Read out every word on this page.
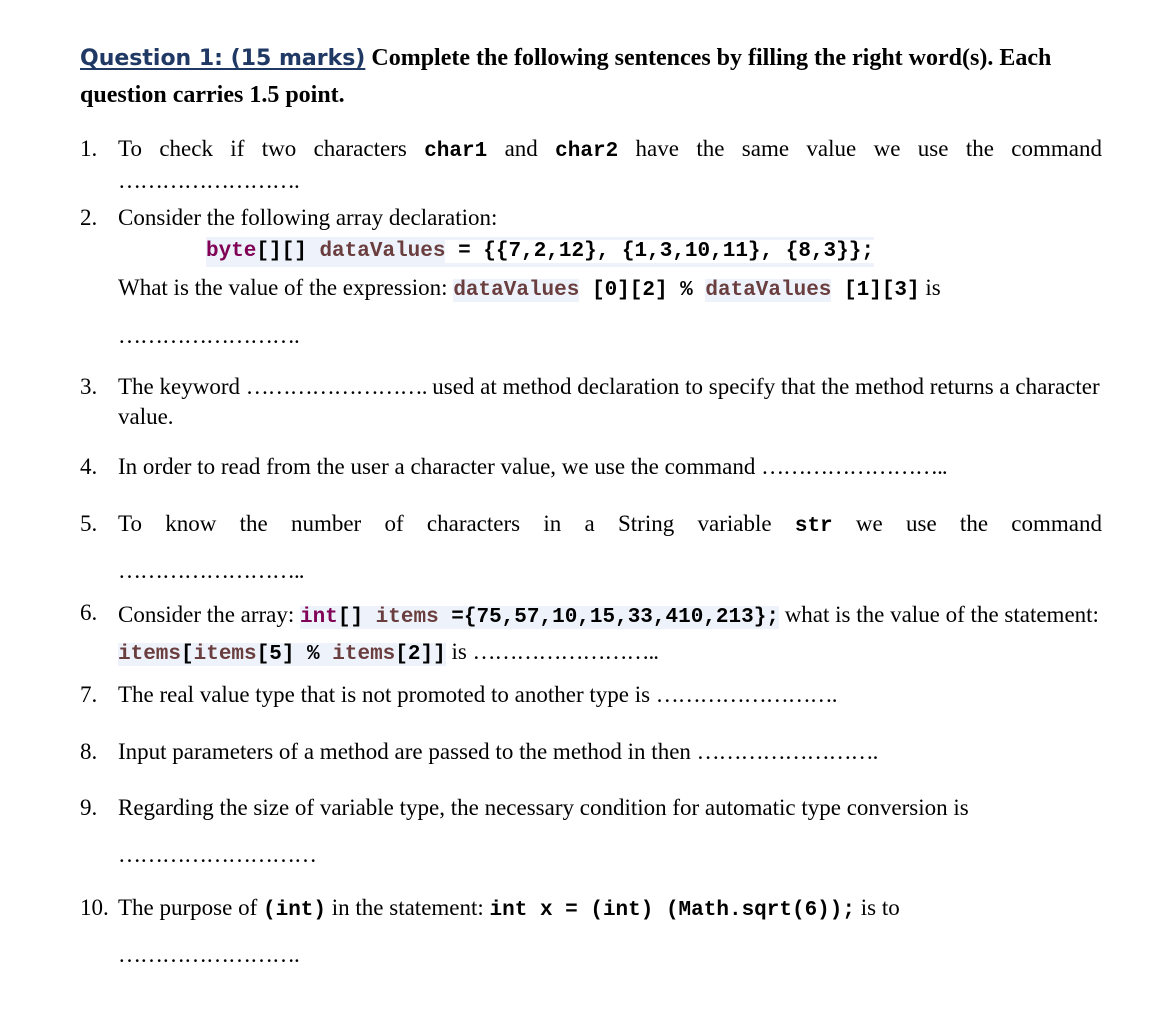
Question 1: (15 marks) Complete the following sentences by filling the right word(s). Each question carries 1.5 point.

1. To check if two characters char1 and char2 have the same value we use the command
…………………….
2. Consider the following array declaration:
byte[][] dataValues = {{7,2,12}, {1,3,10,11}, {8,3}};
What is the value of the expression: dataValues [0][2] % dataValues [1][3] is
…………………….
3. The keyword ……………………. used at method declaration to specify that the method returns a character value.
4. In order to read from the user a character value, we use the command ……………………..
5. To know the number of characters in a String variable str we use the command
……………………..
6. Consider the array: int[] items ={75,57,10,15,33,410,213}; what is the value of the statement: items[items[5] % items[2]] is ……………………..
7. The real value type that is not promoted to another type is …………………….
8. Input parameters of a method are passed to the method in then …………………….
9. Regarding the size of variable type, the necessary condition for automatic type conversion is
………………………
10. The purpose of (int) in the statement: int x = (int) (Math.sqrt(6)); is to
…………………….
